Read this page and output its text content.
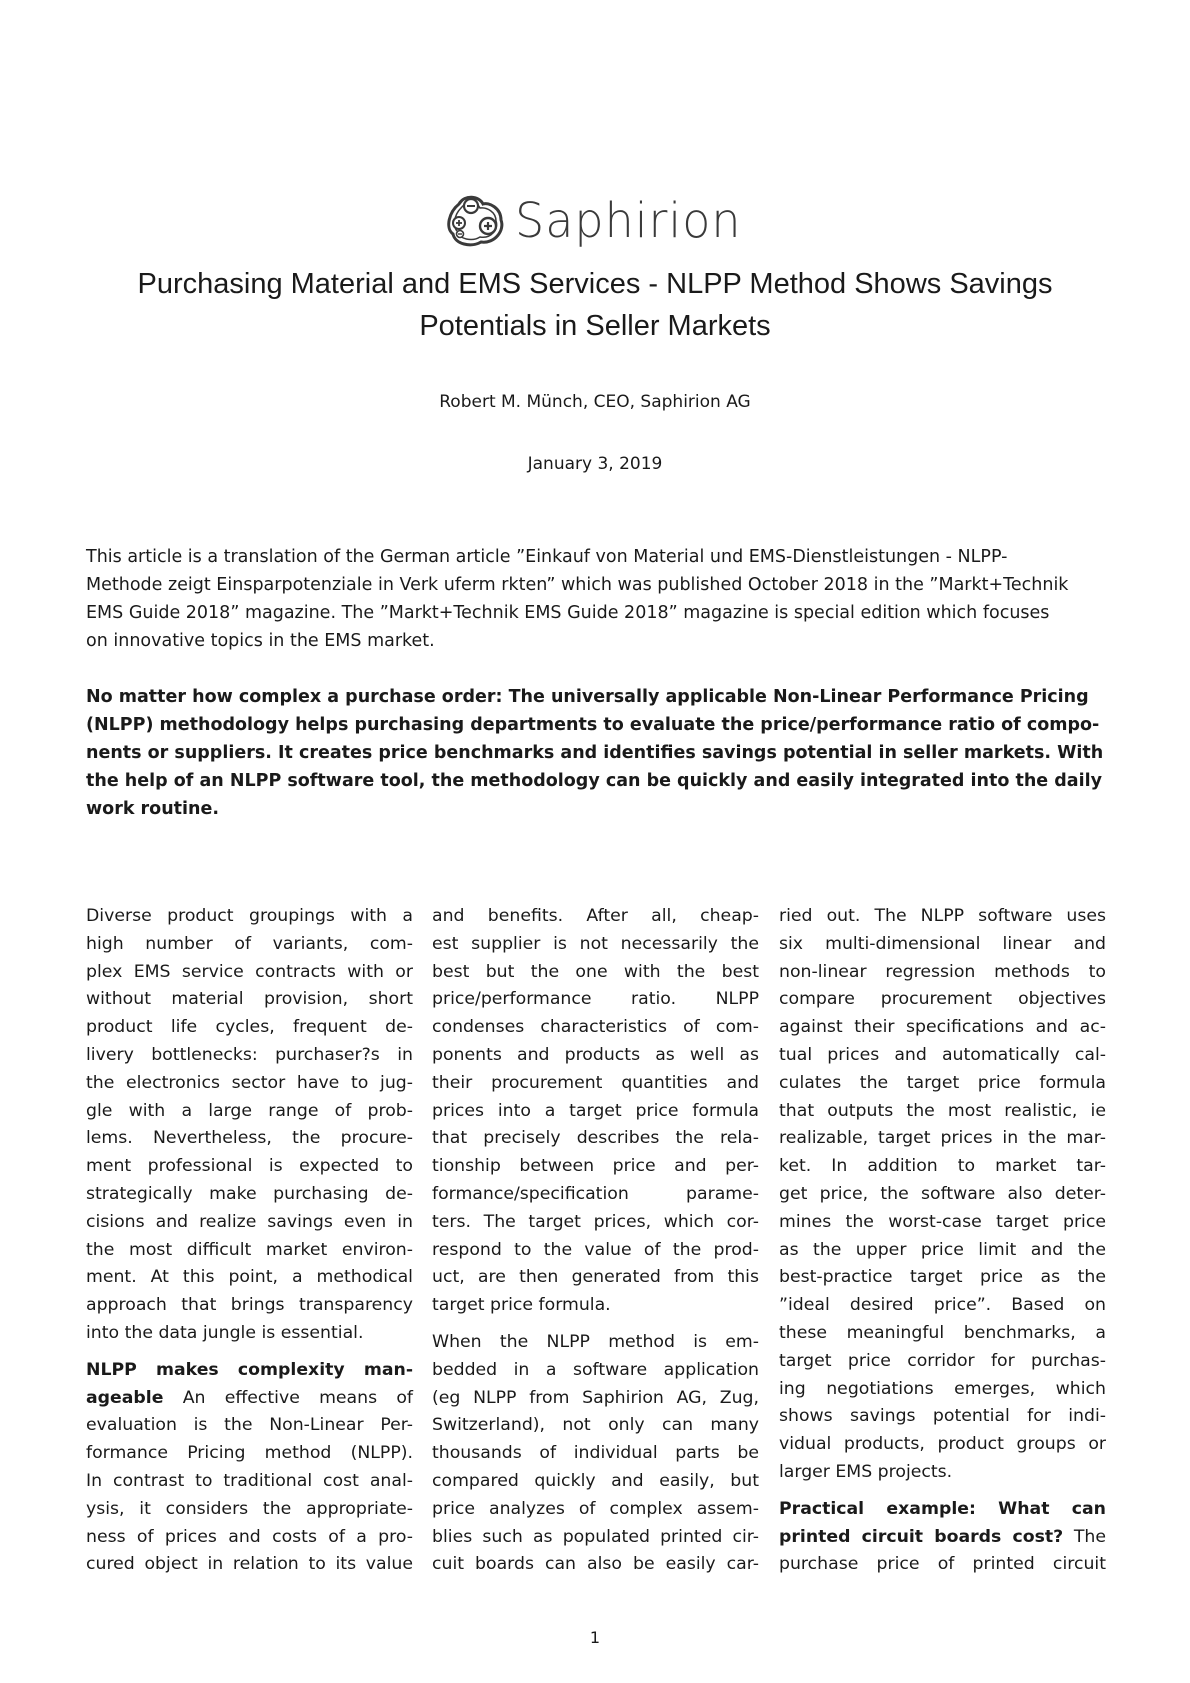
Saphirion
Purchasing Material and EMS Services - NLPP Method Shows Savings
Potentials in Seller Markets
Robert M. Münch, CEO, Saphirion AG
January 3, 2019
This article is a translation of the German article ”Einkauf von Material und EMS-Dienstleistungen - NLPP-
Methode zeigt Einsparpotenziale in Verk uferm rkten” which was published October 2018 in the ”Markt+Technik
EMS Guide 2018” magazine. The ”Markt+Technik EMS Guide 2018” magazine is special edition which focuses
on innovative topics in the EMS market.
No matter how complex a purchase order: The universally applicable Non-Linear Performance Pricing
(NLPP) methodology helps purchasing departments to evaluate the price/performance ratio of compo-
nents or suppliers. It creates price benchmarks and identifies savings potential in seller markets. With
the help of an NLPP software tool, the methodology can be quickly and easily integrated into the daily
work routine.
Diverse product groupings with a
high number of variants, com-
plex EMS service contracts with or
without material provision, short
product life cycles, frequent de-
livery bottlenecks: purchaser?s in
the electronics sector have to jug-
gle with a large range of prob-
lems. Nevertheless, the procure-
ment professional is expected to
strategically make purchasing de-
cisions and realize savings even in
the most difficult market environ-
ment. At this point, a methodical
approach that brings transparency
into the data jungle is essential.
NLPP makes complexity man-
ageable An effective means of
evaluation is the Non-Linear Per-
formance Pricing method (NLPP).
In contrast to traditional cost anal-
ysis, it considers the appropriate-
ness of prices and costs of a pro-
cured object in relation to its value
and benefits. After all, cheap-
est supplier is not necessarily the
best but the one with the best
price/performance ratio. NLPP
condenses characteristics of com-
ponents and products as well as
their procurement quantities and
prices into a target price formula
that precisely describes the rela-
tionship between price and per-
formance/specification parame-
ters. The target prices, which cor-
respond to the value of the prod-
uct, are then generated from this
target price formula.
When the NLPP method is em-
bedded in a software application
(eg NLPP from Saphirion AG, Zug,
Switzerland), not only can many
thousands of individual parts be
compared quickly and easily, but
price analyzes of complex assem-
blies such as populated printed cir-
cuit boards can also be easily car-
ried out. The NLPP software uses
six multi-dimensional linear and
non-linear regression methods to
compare procurement objectives
against their specifications and ac-
tual prices and automatically cal-
culates the target price formula
that outputs the most realistic, ie
realizable, target prices in the mar-
ket. In addition to market tar-
get price, the software also deter-
mines the worst-case target price
as the upper price limit and the
best-practice target price as the
”ideal desired price”. Based on
these meaningful benchmarks, a
target price corridor for purchas-
ing negotiations emerges, which
shows savings potential for indi-
vidual products, product groups or
larger EMS projects.
Practical example: What can
printed circuit boards cost? The
purchase price of printed circuit
1
